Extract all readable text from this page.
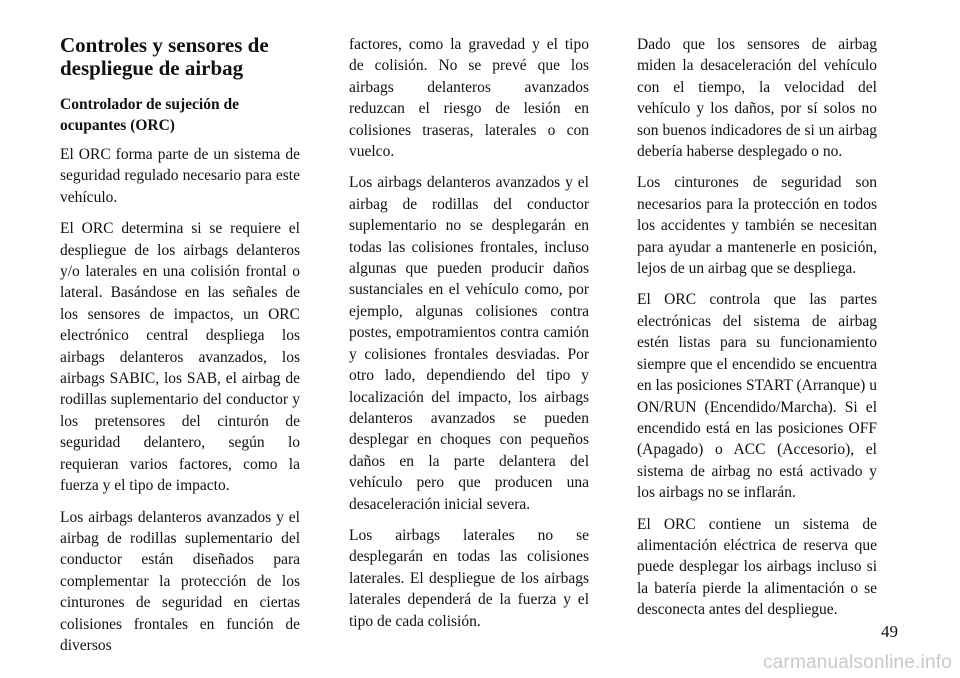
Controles y sensores de despliegue de airbag
Controlador de sujeción de ocupantes (ORC)

El ORC forma parte de un sistema de seguridad regulado necesario para este vehículo.

El ORC determina si se requiere el despliegue de los airbags delanteros y/o laterales en una colisión frontal o lateral. Basándose en las señales de los sensores de impactos, un ORC electrónico central despliega los airbags delanteros avanzados, los airbags SABIC, los SAB, el airbag de rodillas suplementario del conductor y los pretensores del cinturón de seguridad delantero, según lo requieran varios factores, como la fuerza y el tipo de impacto.

Los airbags delanteros avanzados y el airbag de rodillas suplementario del conductor están diseñados para complementar la protección de los cinturones de seguridad en ciertas colisiones frontales en función de diversos

factores, como la gravedad y el tipo de colisión. No se prevé que los airbags delanteros avanzados reduzcan el riesgo de lesión en colisiones traseras, laterales o con vuelco.

Los airbags delanteros avanzados y el airbag de rodillas del conductor suplementario no se desplegarán en todas las colisiones frontales, incluso algunas que pueden producir daños sustanciales en el vehículo como, por ejemplo, algunas colisiones contra postes, empotramientos contra camión y colisiones frontales desviadas. Por otro lado, dependiendo del tipo y localización del impacto, los airbags delanteros avanzados se pueden desplegar en choques con pequeños daños en la parte delantera del vehículo pero que producen una desaceleración inicial severa.

Los airbags laterales no se desplegarán en todas las colisiones laterales. El despliegue de los airbags laterales dependerá de la fuerza y el tipo de cada colisión.

Dado que los sensores de airbag miden la desaceleración del vehículo con el tiempo, la velocidad del vehículo y los daños, por sí solos no son buenos indicadores de si un airbag debería haberse desplegado o no.

Los cinturones de seguridad son necesarios para la protección en todos los accidentes y también se necesitan para ayudar a mantenerle en posición, lejos de un airbag que se despliega.

El ORC controla que las partes electrónicas del sistema de airbag estén listas para su funcionamiento siempre que el encendido se encuentra en las posiciones START (Arranque) u ON/RUN (Encendido/Marcha). Si el encendido está en las posiciones OFF (Apagado) o ACC (Accesorio), el sistema de airbag no está activado y los airbags no se inflarán.

El ORC contiene un sistema de alimentación eléctrica de reserva que puede desplegar los airbags incluso si la batería pierde la alimentación o se desconecta antes del despliegue.

49
carmanualsonline.info
